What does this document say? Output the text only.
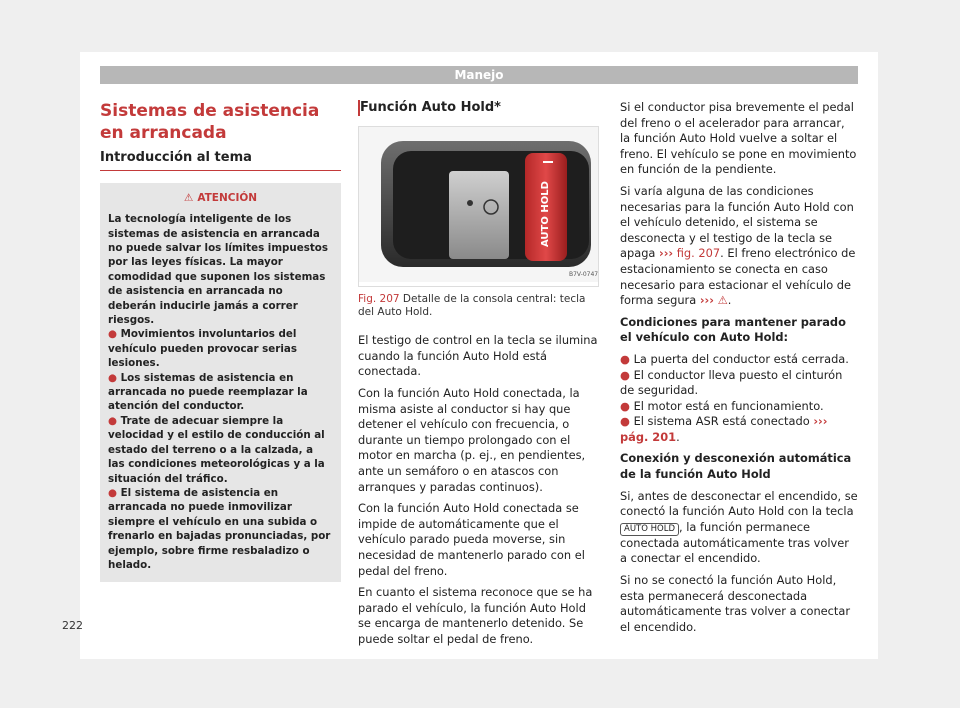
Manejo
Sistemas de asistencia en arrancada
Introducción al tema
⚠ ATENCIÓN

La tecnología inteligente de los sistemas de asistencia en arrancada no puede salvar los límites impuestos por las leyes físicas. La mayor comodidad que suponen los sistemas de asistencia en arrancada no deberán inducirle jamás a correr riesgos.

● Movimientos involuntarios del vehículo pueden provocar serias lesiones.
● Los sistemas de asistencia en arrancada no puede reemplazar la atención del conductor.
● Trate de adecuar siempre la velocidad y el estilo de conducción al estado del terreno o a la calzada, a las condiciones meteorológicas y a la situación del tráfico.
● El sistema de asistencia en arrancada no puede inmovilizar siempre el vehículo en una subida o frenarlo en bajadas pronunciadas, por ejemplo, sobre firme resbaladizo o helado.
Función Auto Hold*
AUTO HOLD
B7V-0747
Fig. 207 Detalle de la consola central: tecla del Auto Hold.

El testigo de control en la tecla se ilumina cuando la función Auto Hold está conectada.

Con la función Auto Hold conectada, la misma asiste al conductor si hay que detener el vehículo con frecuencia, o durante un tiempo prolongado con el motor en marcha (p. ej., en pendientes, ante un semáforo o en atascos con arranques y paradas continuos).

Con la función Auto Hold conectada se impide de automáticamente que el vehículo parado pueda moverse, sin necesidad de mantenerlo parado con el pedal del freno.

En cuanto el sistema reconoce que se ha parado el vehículo, la función Auto Hold se encarga de mantenerlo detenido. Se puede soltar el pedal de freno.

Si el conductor pisa brevemente el pedal del freno o el acelerador para arrancar, la función Auto Hold vuelve a soltar el freno. El vehículo se pone en movimiento en función de la pendiente.

Si varía alguna de las condiciones necesarias para la función Auto Hold con el vehículo detenido, el sistema se desconecta y el testigo de la tecla se apaga ››› fig. 207. El freno electrónico de estacionamiento se conecta en caso necesario para estacionar el vehículo de forma segura ››› ⚠.

Condiciones para mantener parado el vehículo con Auto Hold:

● La puerta del conductor está cerrada.
● El conductor lleva puesto el cinturón de seguridad.
● El motor está en funcionamiento.
● El sistema ASR está conectado ››› pág. 201.

Conexión y desconexión automática de la función Auto Hold

Si, antes de desconectar el encendido, se conectó la función Auto Hold con la tecla AUTO HOLD , la función permanece conectada automáticamente tras volver a conectar el encendido.

Si no se conectó la función Auto Hold, esta permanecerá desconectada automáticamente tras volver a conectar el encendido.

222
